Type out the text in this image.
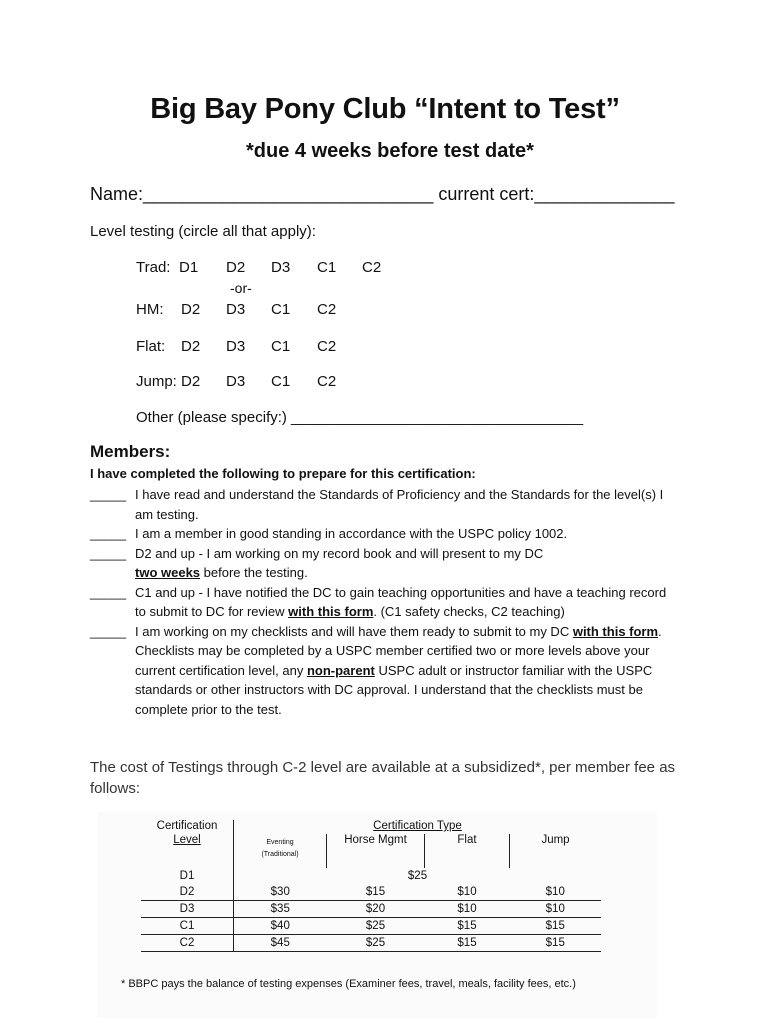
Big Bay Pony Club “Intent to Test”
*due 4 weeks before test date*
Name:_____________________________ current cert:______________
Level testing (circle all that apply):
Trad: D1 D2 D3 C1 C2
-or-
HM: D2 D3 C1 C2
Flat: D2 D3 C1 C2
Jump: D2 D3 C1 C2
Other (please specify:) ___________________________________
Members:
I have completed the following to prepare for this certification:
_____ I have read and understand the Standards of Proficiency and the Standards for the level(s) I am testing.
_____ I am a member in good standing in accordance with the USPC policy 1002.
_____ D2 and up - I am working on my record book and will present to my DC
two weeks before the testing.
_____ C1 and up - I have notified the DC to gain teaching opportunities and have a teaching record to submit to DC for review with this form. (C1 safety checks, C2 teaching)
_____ I am working on my checklists and will have them ready to submit to my DC with this form. Checklists may be completed by a USPC member certified two or more levels above your current certification level, any non-parent USPC adult or instructor familiar with the USPC standards or other instructors with DC approval. I understand that the checklists must be complete prior to the test.
The cost of Testings through C-2 level are available at a subsidized*, per member fee as follows:
Certification
Level	Certification Type			

	Eventing
(Traditional)	Horse Mgmt	Flat	Jump
D1	$25			
D2	$30	$15	$10	$10
D3	$35	$20	$10	$10
C1	$40	$25	$15	$15
C2	$45	$25	$15	$15
* BBPC pays the balance of testing expenses (Examiner fees, travel, meals, facility fees, etc.)
